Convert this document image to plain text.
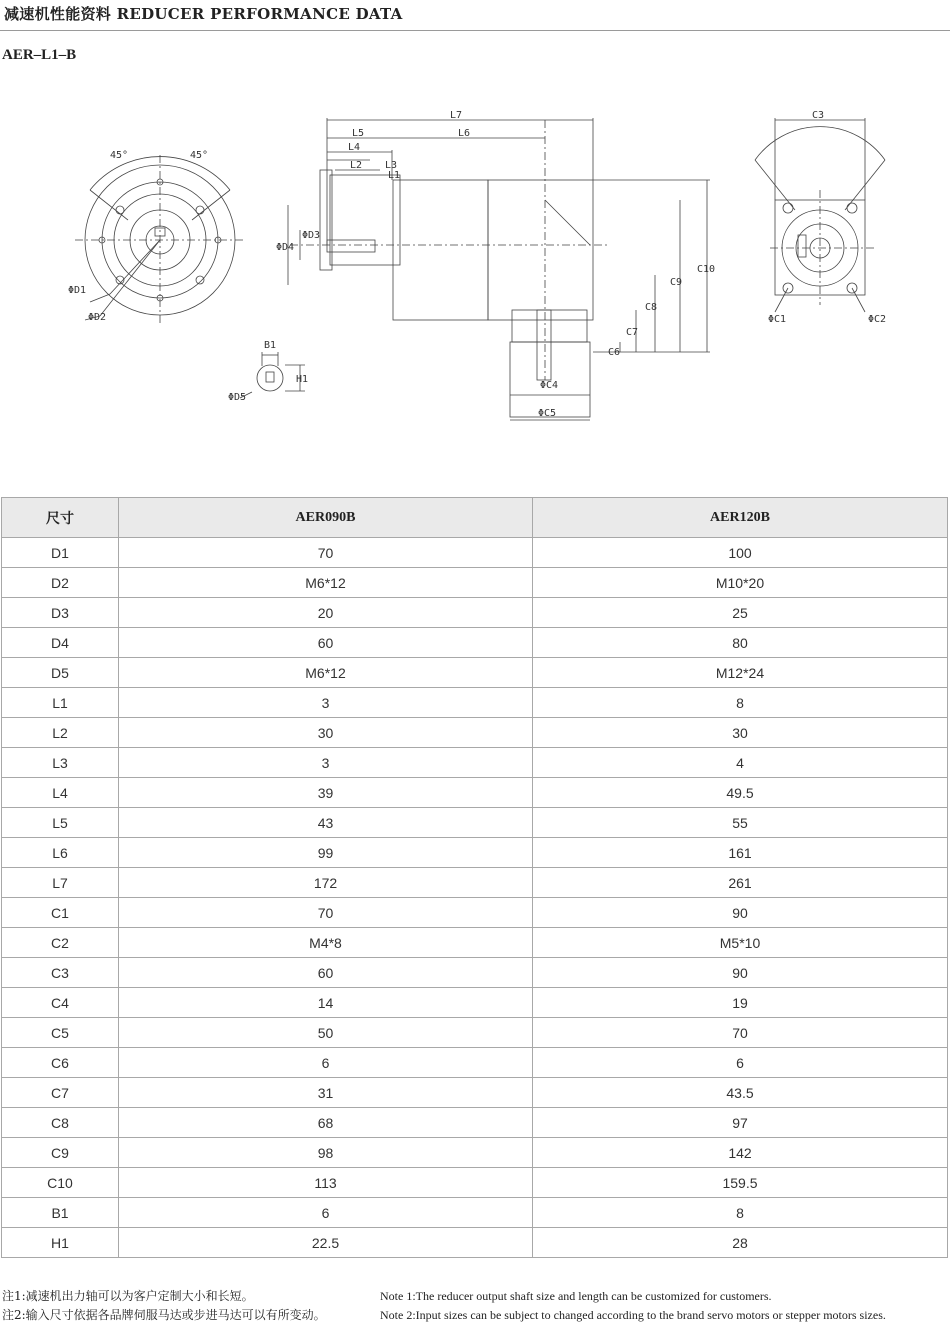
减速机性能资料 REDUCER PERFORMANCE DATA
AER–L1–B
L7
L6
L5
L4
L2 L3
L1
ΦD4
ΦD3
ΦD1
ΦD2
ΦD5
B1
H1
45°	45°
C10
C9
C8
C7
C6
ΦC4
ΦC5
C3
ΦC1	ΦC2
尺寸	AER090B	AER120B
D1	70	100
D2	M6*12	M10*20
D3	20	25
D4	60	80
D5	M6*12	M12*24
L1	3	8
L2	30	30
L3	3	4
L4	39	49.5
L5	43	55
L6	99	161
L7	172	261
C1	70	90
C2	M4*8	M5*10
C3	60	90
C4	14	19
C5	50	70
C6	6	6
C7	31	43.5
C8	68	97
C9	98	142
C10	113	159.5
B1	6	8
H1	22.5	28
注1:减速机出力轴可以为客户定制大小和长短。
注2:输入尺寸依据各品牌伺服马达或步进马达可以有所变动。
Note 1:The reducer output shaft size and length can be customized for customers.
Note 2:Input sizes can be subject to changed according to the brand servo motors or stepper motors sizes.
